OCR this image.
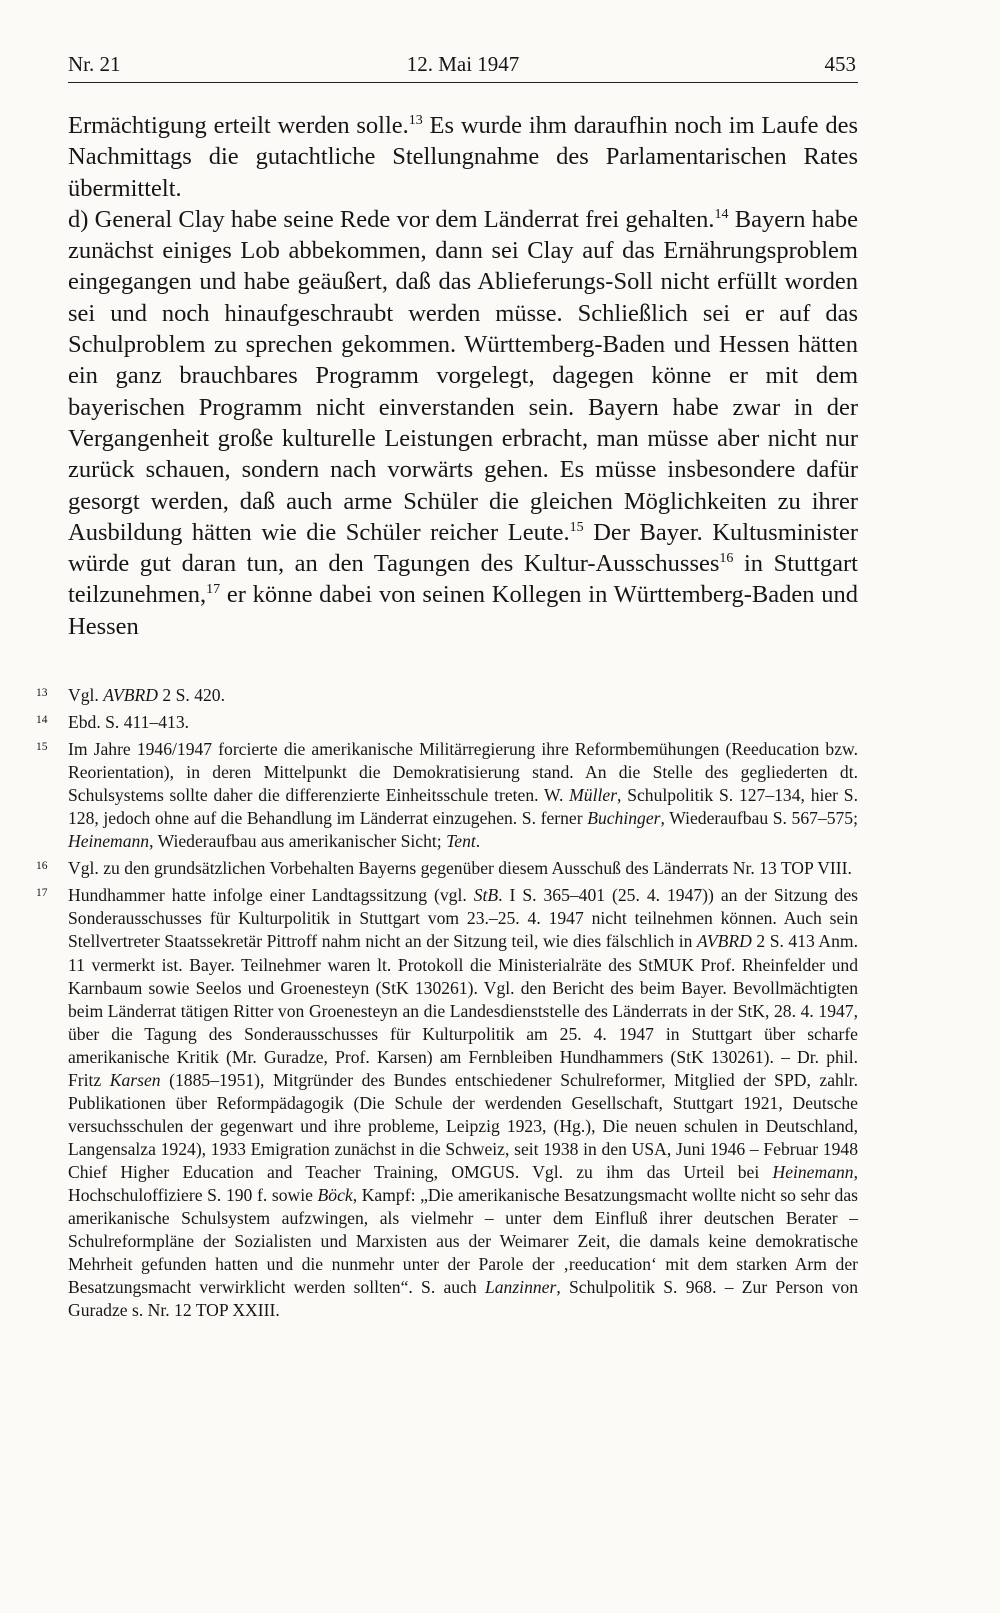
Nr. 21	12. Mai 1947	453

Ermächtigung erteilt werden solle.$^{13}$ Es wurde ihm daraufhin noch im Laufe des Nachmittags die gutachtliche Stellungnahme des Parlamentarischen Rates übermittelt.

d) General Clay habe seine Rede vor dem Länderrat frei gehalten.$^{14}$ Bayern habe zunächst einiges Lob abbekommen, dann sei Clay auf das Ernährungsproblem eingegangen und habe geäußert, daß das Ablieferungs-Soll nicht erfüllt worden sei und noch hinaufgeschraubt werden müsse. Schließlich sei er auf das Schulproblem zu sprechen gekommen. Württemberg-Baden und Hessen hätten ein ganz brauchbares Programm vorgelegt, dagegen könne er mit dem bayerischen Programm nicht einverstanden sein. Bayern habe zwar in der Vergangenheit große kulturelle Leistungen erbracht, man müsse aber nicht nur zurück schauen, sondern nach vorwärts gehen. Es müsse insbesondere dafür gesorgt werden, daß auch arme Schüler die gleichen Möglichkeiten zu ihrer Ausbildung hätten wie die Schüler reicher Leute.$^{15}$ Der Bayer. Kultusminister würde gut daran tun, an den Tagungen des Kultur-Ausschusses$^{16}$ in Stuttgart teilzunehmen,$^{17}$ er könne dabei von seinen Kollegen in Württemberg-Baden und Hessen

13 Vgl. AVBRD 2 S. 420.

14 Ebd. S. 411–413.

15 Im Jahre 1946/1947 forcierte die amerikanische Militärregierung ihre Reformbemühungen (Reeducation bzw. Reorientation), in deren Mittelpunkt die Demokratisierung stand. An die Stelle des gegliederten dt. Schulsystems sollte daher die differenzierte Einheitsschule treten. W. Müller, Schulpolitik S. 127–134, hier S. 128, jedoch ohne auf die Behandlung im Länderrat einzugehen. S. ferner Buchinger, Wiederaufbau S. 567–575; Heinemann, Wiederaufbau aus amerikanischer Sicht; Tent.

16 Vgl. zu den grundsätzlichen Vorbehalten Bayerns gegenüber diesem Ausschuß des Länderrats Nr. 13 TOP VIII.

17 Hundhammer hatte infolge einer Landtagssitzung (vgl. StB. I S. 365–401 (25. 4. 1947)) an der Sitzung des Sonderausschusses für Kulturpolitik in Stuttgart vom 23.–25. 4. 1947 nicht teilnehmen können. Auch sein Stellvertreter Staatssekretär Pittroff nahm nicht an der Sitzung teil, wie dies fälschlich in AVBRD 2 S. 413 Anm. 11 vermerkt ist. Bayer. Teilnehmer waren lt. Protokoll die Ministerialräte des StMUK Prof. Rheinfelder und Karnbaum sowie Seelos und Groenesteyn (StK 130261). Vgl. den Bericht des beim Bayer. Bevollmächtigten beim Länderrat tätigen Ritter von Groenesteyn an die Landesdienststelle des Länderrats in der StK, 28. 4. 1947, über die Tagung des Sonderausschusses für Kulturpolitik am 25. 4. 1947 in Stuttgart über scharfe amerikanische Kritik (Mr. Guradze, Prof. Karsen) am Fernbleiben Hundhammers (StK 130261). – Dr. phil. Fritz Karsen (1885–1951), Mitgründer des Bundes entschiedener Schulreformer, Mitglied der SPD, zahlr. Publikationen über Reformpädagogik (Die Schule der werdenden Gesellschaft, Stuttgart 1921, Deutsche versuchsschulen der gegenwart und ihre probleme, Leipzig 1923, (Hg.), Die neuen schulen in Deutschland, Langensalza 1924), 1933 Emigration zunächst in die Schweiz, seit 1938 in den USA, Juni 1946 – Februar 1948 Chief Higher Education and Teacher Training, OMGUS. Vgl. zu ihm das Urteil bei Heinemann, Hochschuloffiziere S. 190 f. sowie Böck, Kampf: „Die amerikanische Besatzungsmacht wollte nicht so sehr das amerikanische Schulsystem aufzwingen, als vielmehr – unter dem Einfluß ihrer deutschen Berater – Schulreformpläne der Sozialisten und Marxisten aus der Weimarer Zeit, die damals keine demokratische Mehrheit gefunden hatten und die nunmehr unter der Parole der ‚reeducation‘ mit dem starken Arm der Besatzungsmacht verwirklicht werden sollten“. S. auch Lanzinner, Schulpolitik S. 968. – Zur Person von Guradze s. Nr. 12 TOP XXIII.
